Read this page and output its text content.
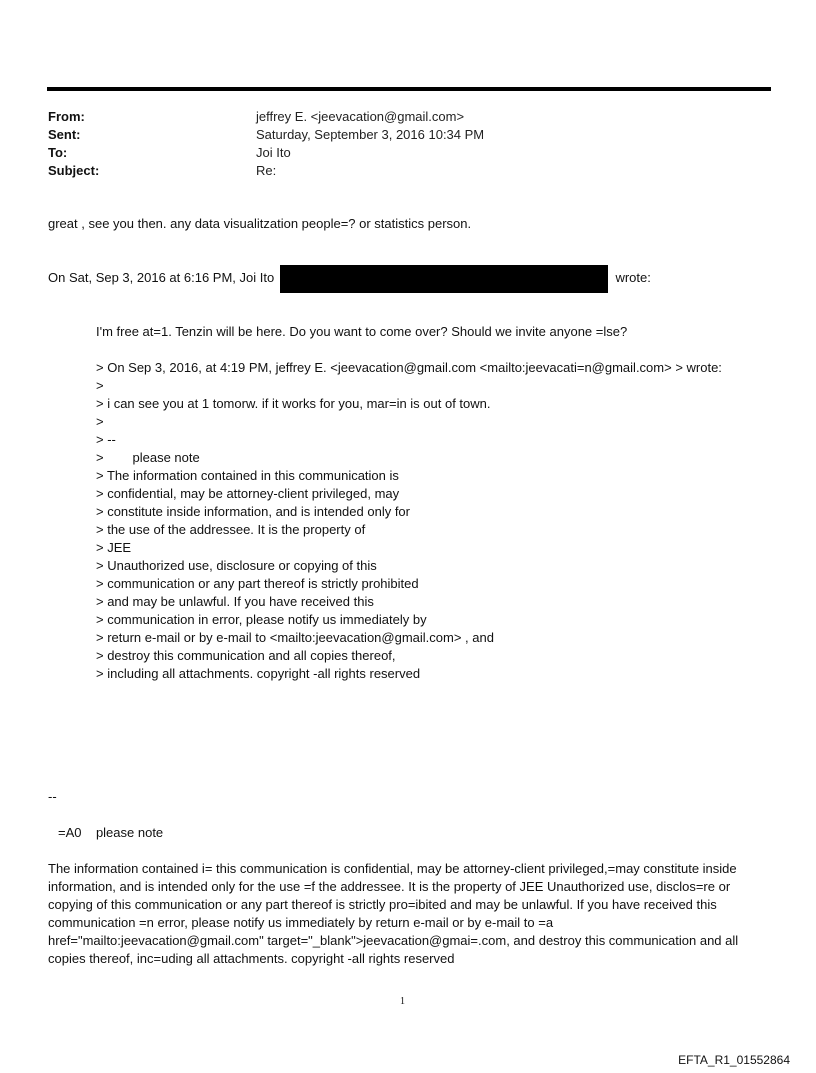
From:	jeffrey E. <jeevacation@gmail.com>
Sent:	Saturday, September 3, 2016 10:34 PM
To:	Joi Ito
Subject:	Re:
great , see you then. any data visualitzation people=? or statistics person.
On Sat, Sep 3, 2016 at 6:16 PM, Joi Ito	wrote:
I'm free at=1. Tenzin will be here. Do you want to come over? Should we invite anyone =lse?
> On Sep 3, 2016, at 4:19 PM, jeffrey E. <jeevacation@gmail.com <mailto:jeevacati=n@gmail.com> > wrote:
>
> i can see you at 1 tomorw. if it works for you, mar=in is out of town.
>
> --
>        please note
> The information contained in this communication is
> confidential, may be attorney-client privileged, may
> constitute inside information, and is intended only for
> the use of the addressee. It is the property of
> JEE
> Unauthorized use, disclosure or copying of this
> communication or any part thereof is strictly prohibited
> and may be unlawful. If you have received this
> communication in error, please notify us immediately by
> return e-mail or by e-mail to <mailto:jeevacation@gmail.com> , and
> destroy this communication and all copies thereof,
> including all attachments. copyright -all rights reserved
--
=A0    please note
The information contained i= this communication is confidential, may be attorney-client privileged,=may constitute inside information, and is intended only for the use =f the addressee. It is the property of JEE Unauthorized use, disclos=re or copying of this communication or any part thereof is strictly pro=ibited and may be unlawful. If you have received this communication =n error, please notify us immediately by return e-mail or by e-mail to =a href="mailto:jeevacation@gmail.com" target="_blank">jeevacation@gmai=.com, and destroy this communication and all copies thereof, inc=uding all attachments. copyright -all rights reserved
1
EFTA_R1_01552864
